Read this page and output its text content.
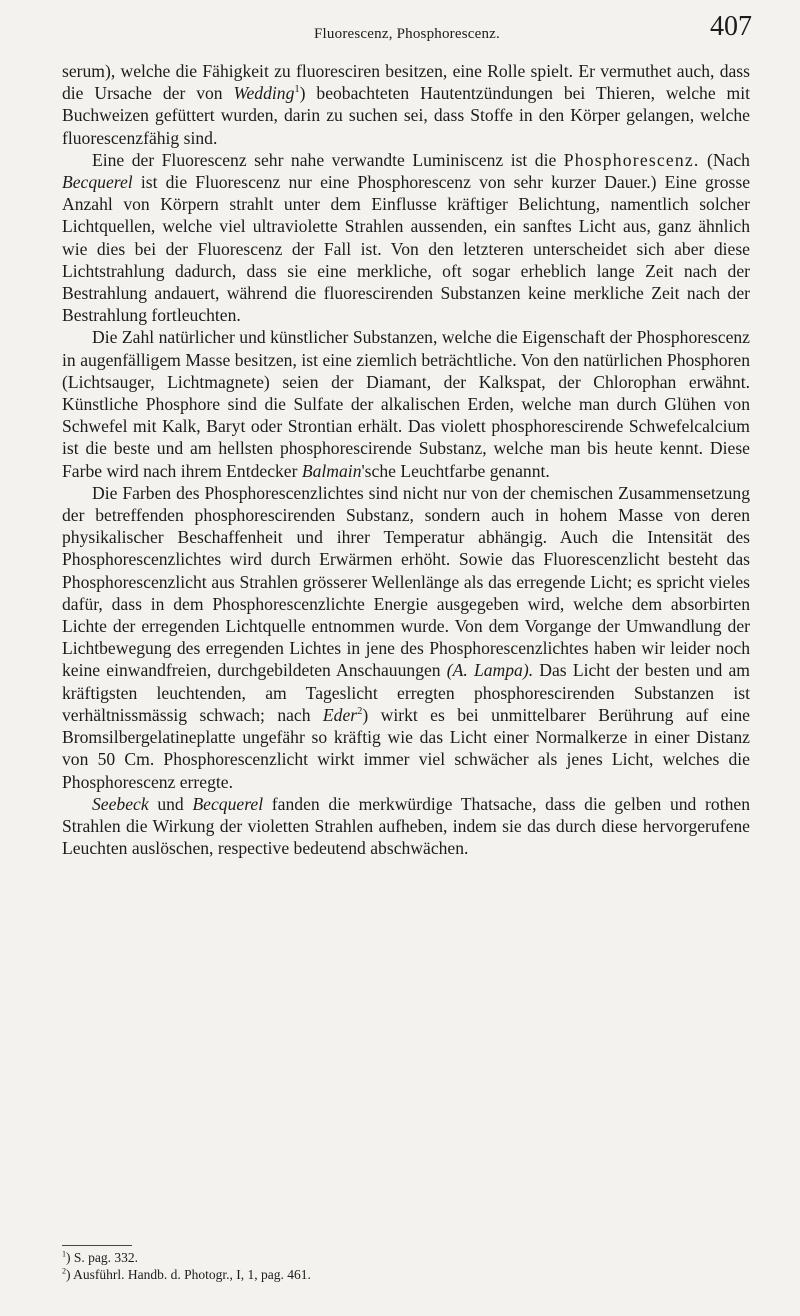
Fluorescenz, Phosphorescenz.	407

serum), welche die Fähigkeit zu fluoresciren besitzen, eine Rolle spielt. Er vermuthet auch, dass die Ursache der von Wedding$^1$) beobachteten Hautentzündungen bei Thieren, welche mit Buchweizen gefüttert wurden, darin zu suchen sei, dass Stoffe in den Körper gelangen, welche fluorescenzfähig sind.

Eine der Fluorescenz sehr nahe verwandte Luminiscenz ist die Phosphorescenz. (Nach Becquerel ist die Fluorescenz nur eine Phosphorescenz von sehr kurzer Dauer.) Eine grosse Anzahl von Körpern strahlt unter dem Einflusse kräftiger Belichtung, namentlich solcher Lichtquellen, welche viel ultraviolette Strahlen aussenden, ein sanftes Licht aus, ganz ähnlich wie dies bei der Fluorescenz der Fall ist. Von den letzteren unterscheidet sich aber diese Lichtstrahlung dadurch, dass sie eine merkliche, oft sogar erheblich lange Zeit nach der Bestrahlung andauert, während die fluorescirenden Substanzen keine merkliche Zeit nach der Bestrahlung fortleuchten.

Die Zahl natürlicher und künstlicher Substanzen, welche die Eigenschaft der Phosphorescenz in augenfälligem Masse besitzen, ist eine ziemlich beträchtliche. Von den natürlichen Phosphoren (Lichtsauger, Lichtmagnete) seien der Diamant, der Kalkspat, der Chlorophan erwähnt. Künstliche Phosphore sind die Sulfate der alkalischen Erden, welche man durch Glühen von Schwefel mit Kalk, Baryt oder Strontian erhält. Das violett phosphorescirende Schwefelcalcium ist die beste und am hellsten phosphorescirende Substanz, welche man bis heute kennt. Diese Farbe wird nach ihrem Entdecker Balmain'sche Leuchtfarbe genannt.

Die Farben des Phosphorescenzlichtes sind nicht nur von der chemischen Zusammensetzung der betreffenden phosphorescirenden Substanz, sondern auch in hohem Masse von deren physikalischer Beschaffenheit und ihrer Temperatur abhängig. Auch die Intensität des Phosphorescenzlichtes wird durch Erwärmen erhöht. Sowie das Fluorescenzlicht besteht das Phosphorescenzlicht aus Strahlen grösserer Wellenlänge als das erregende Licht; es spricht vieles dafür, dass in dem Phosphorescenzlichte Energie ausgegeben wird, welche dem absorbirten Lichte der erregenden Lichtquelle entnommen wurde. Von dem Vorgange der Umwandlung der Lichtbewegung des erregenden Lichtes in jene des Phosphorescenzlichtes haben wir leider noch keine einwandfreien, durchgebildeten Anschauungen (A. Lampa). Das Licht der besten und am kräftigsten leuchtenden, am Tageslicht erregten phosphorescirenden Substanzen ist verhältnissmässig schwach; nach Eder$^2$) wirkt es bei unmittelbarer Berührung auf eine Bromsilbergelatineplatte ungefähr so kräftig wie das Licht einer Normalkerze in einer Distanz von 50 Cm. Phosphorescenzlicht wirkt immer viel schwächer als jenes Licht, welches die Phosphorescenz erregte.

Seebeck und Becquerel fanden die merkwürdige Thatsache, dass die gelben und rothen Strahlen die Wirkung der violetten Strahlen aufheben, indem sie das durch diese hervorgerufene Leuchten auslöschen, respective bedeutend abschwächen.

$^1$) S. pag. 332.
$^2$) Ausführl. Handb. d. Photogr., I, 1, pag. 461.
